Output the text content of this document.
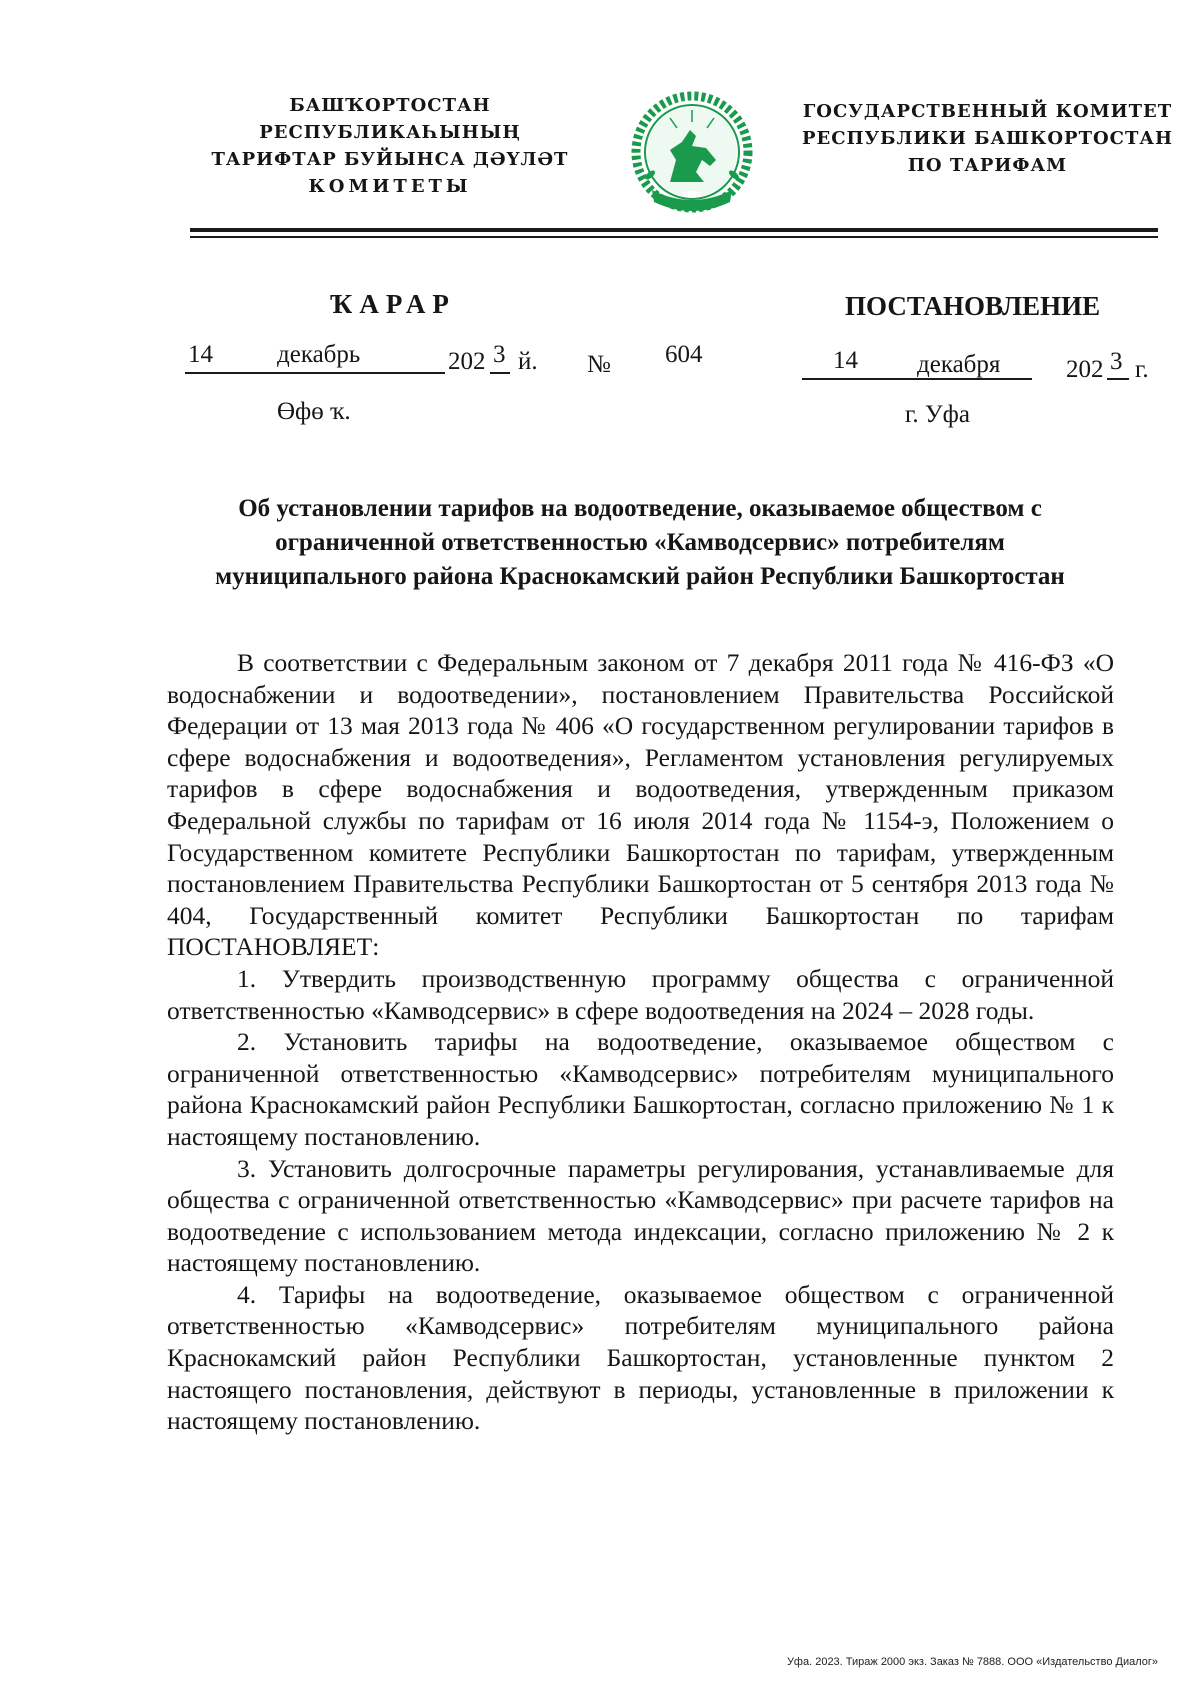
БАШҠОРТОСТАН РЕСПУБЛИКАҺЫНЫҢ
ТАРИФТАР БУЙЫНСА ДӘҮЛӘТ
КОМИТЕТЫ
ГОСУДАРСТВЕННЫЙ КОМИТЕТ
РЕСПУБЛИКИ БАШКОРТОСТАН
ПО ТАРИФАМ
ҠАРАР	ПОСТАНОВЛЕНИЕ
14	декабрь	202 3 й. № 604	14 декабря	202 3 г.
Өфө ҡ.	г. Уфа
Об установлении тарифов на водоотведение, оказываемое обществом с ограниченной ответственностью «Камводсервис» потребителям муниципального района Краснокамский район Республики Башкортостан

В соответствии с Федеральным законом от 7 декабря 2011 года № 416-ФЗ «О водоснабжении и водоотведении», постановлением Правительства Российской Федерации от 13 мая 2013 года № 406 «О государственном регулировании тарифов в сфере водоснабжения и водоотведения», Регламентом установления регулируемых тарифов в сфере водоснабжения и водоотведения, утвержденным приказом Федеральной службы по тарифам от 16 июля 2014 года № 1154-э, Положением о Государственном комитете Республики Башкортостан по тарифам, утвержденным постановлением Правительства Республики Башкортостан от 5 сентября 2013 года № 404, Государственный комитет Республики Башкортостан по тарифам ПОСТАНОВЛЯЕТ:

1. Утвердить производственную программу общества с ограниченной ответственностью «Камводсервис» в сфере водоотведения на 2024 – 2028 годы.

2. Установить тарифы на водоотведение, оказываемое обществом с ограниченной ответственностью «Камводсервис» потребителям муниципального района Краснокамский район Республики Башкортостан, согласно приложению № 1 к настоящему постановлению.

3. Установить долгосрочные параметры регулирования, устанавливаемые для общества с ограниченной ответственностью «Камводсервис» при расчете тарифов на водоотведение с использованием метода индексации, согласно приложению № 2 к настоящему постановлению.

4. Тарифы на водоотведение, оказываемое обществом с ограниченной ответственностью «Камводсервис» потребителям муниципального района Краснокамский район Республики Башкортостан, установленные пунктом 2 настоящего постановления, действуют в периоды, установленные в приложении к настоящему постановлению.

Уфа. 2023. Тираж 2000 экз. Заказ № 7888. ООО «Издательство Диалог»
